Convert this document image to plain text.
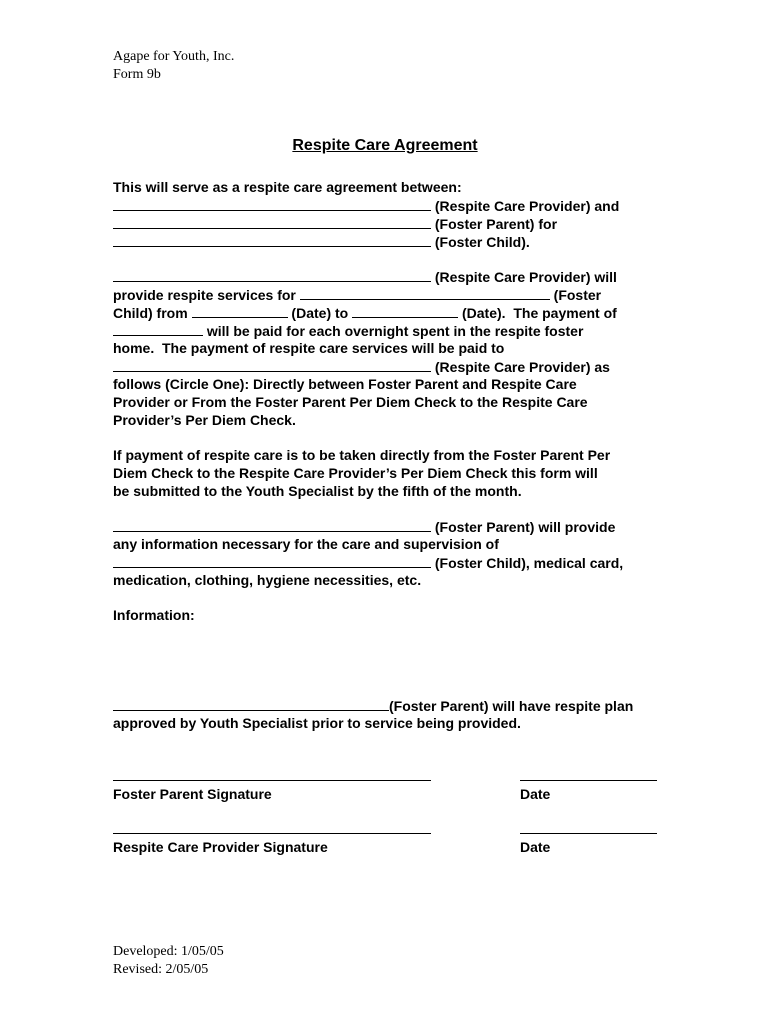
Agape for Youth, Inc.
Form 9b
Respite Care Agreement
This will serve as a respite care agreement between:
(Respite Care Provider) and
(Foster Parent) for
(Foster Child).
(Respite Care Provider) will
provide respite services for	(Foster
Child) from	(Date) to	(Date).  The payment of
will be paid for each overnight spent in the respite foster
home.  The payment of respite care services will be paid to
(Respite Care Provider) as
follows (Circle One): Directly between Foster Parent and Respite Care
Provider or From the Foster Parent Per Diem Check to the Respite Care
Provider’s Per Diem Check.
If payment of respite care is to be taken directly from the Foster Parent Per
Diem Check to the Respite Care Provider’s Per Diem Check this form will
be submitted to the Youth Specialist by the fifth of the month.
(Foster Parent) will provide
any information necessary for the care and supervision of
(Foster Child), medical card,
medication, clothing, hygiene necessities, etc.
Information:
(Foster Parent) will have respite plan
approved by Youth Specialist prior to service being provided.
Foster Parent Signature	Date
Respite Care Provider Signature	Date
Developed: 1/05/05
Revised: 2/05/05
